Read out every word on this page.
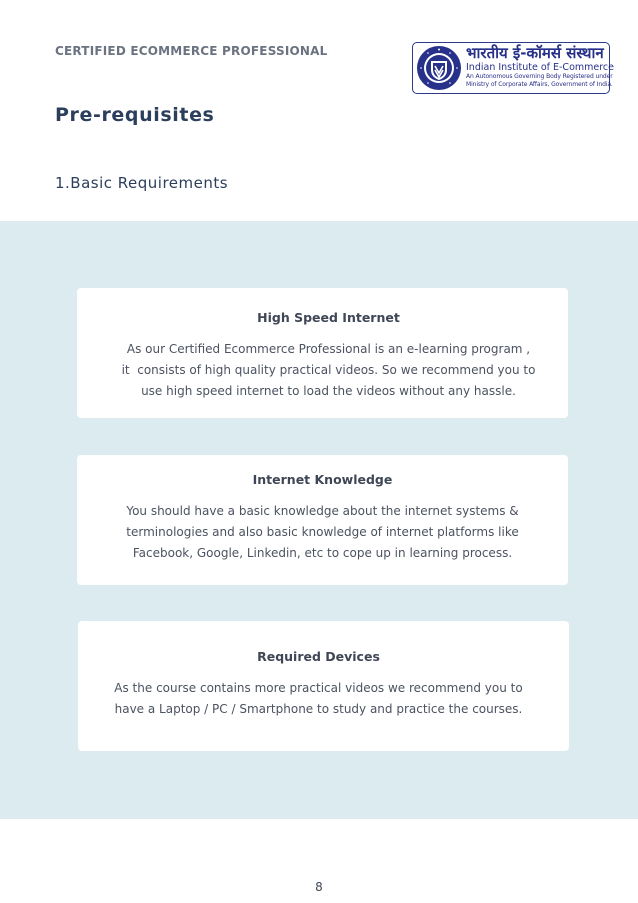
CERTIFIED ECOMMERCE PROFESSIONAL	भारतीय ई-कॉमर्स संस्थान
Indian Institute of E-Commerce
An Autonomous Governing Body Registered under
Ministry of Corporate Affairs, Government of India.
Pre-requisites
1.Basic Requirements
High Speed Internet
As our Certified Ecommerce Professional is an e-learning program ,
it  consists of high quality practical videos. So we recommend you to
use high speed internet to load the videos without any hassle.
Internet Knowledge
You should have a basic knowledge about the internet systems &
terminologies and also basic knowledge of internet platforms like
Facebook, Google, Linkedin, etc to cope up in learning process.
Required Devices
As the course contains more practical videos we recommend you to
have a Laptop / PC / Smartphone to study and practice the courses.
8
